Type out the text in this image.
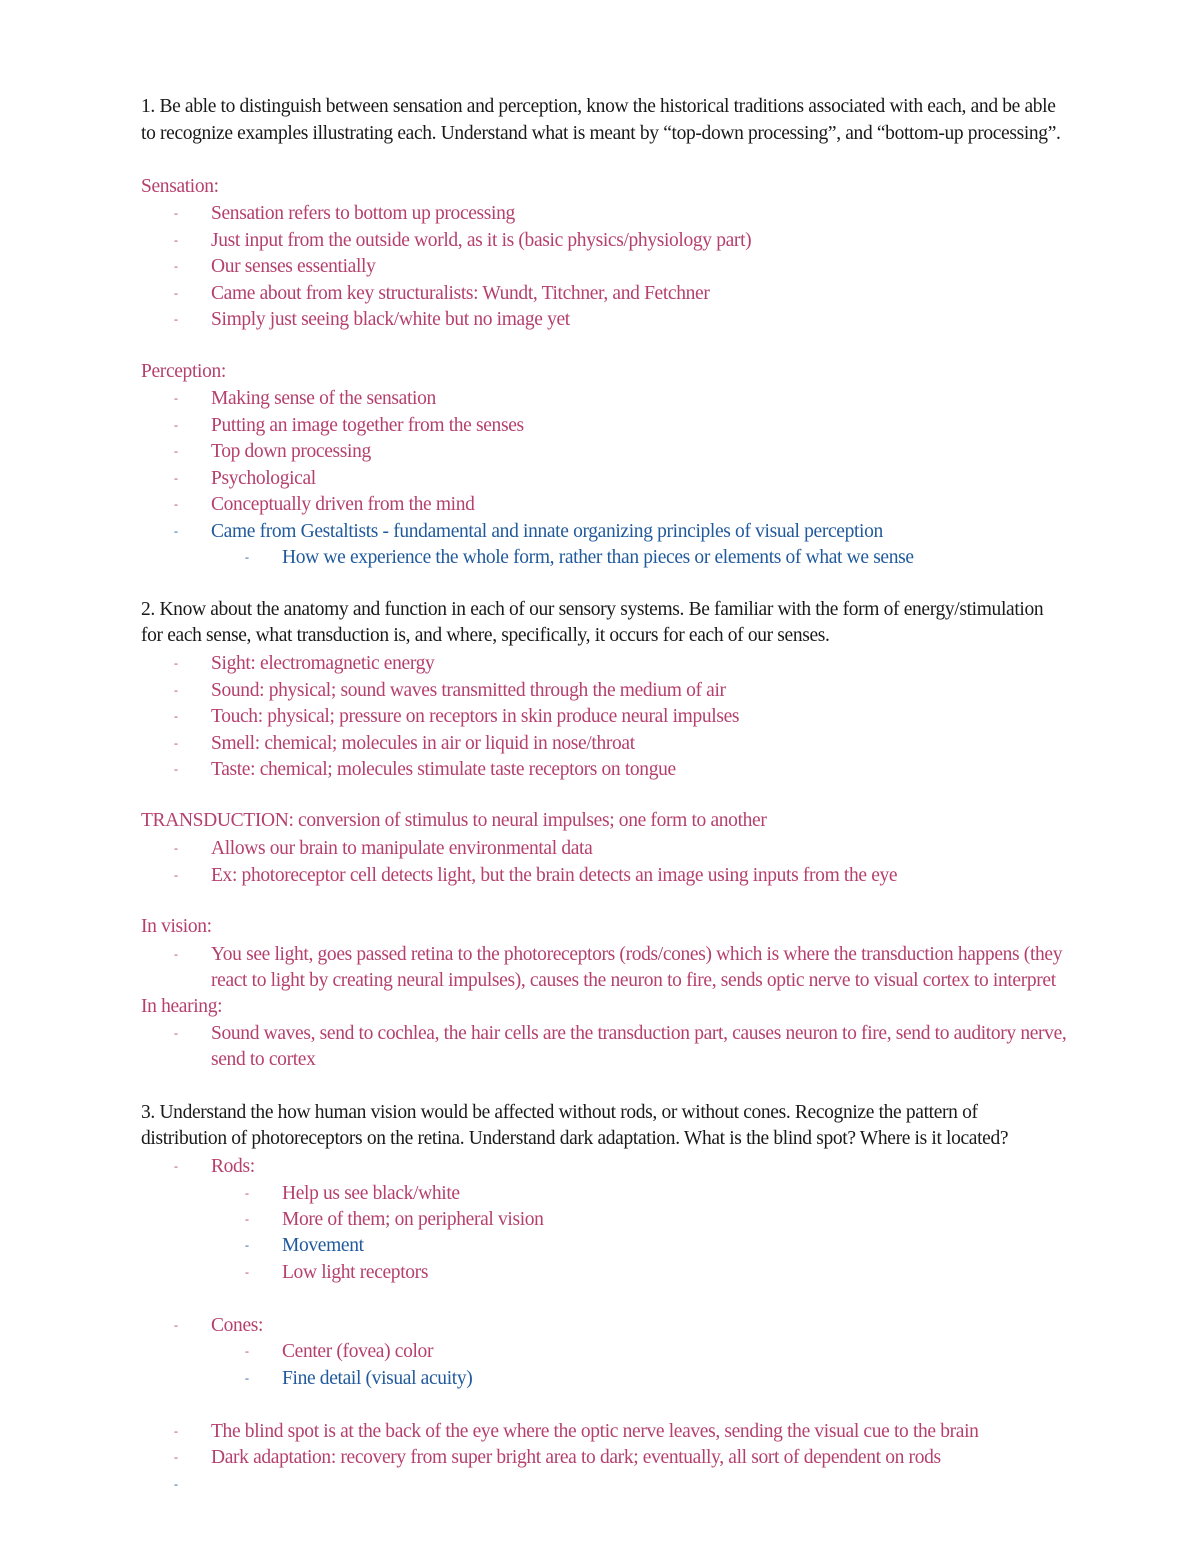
1. Be able to distinguish between sensation and perception, know the historical traditions associated with each, and be able
to recognize examples illustrating each. Understand what is meant by “top-down processing”, and “bottom-up processing”.
Sensation:
- Sensation refers to bottom up processing
- Just input from the outside world, as it is (basic physics/physiology part)
- Our senses essentially
- Came about from key structuralists: Wundt, Titchner, and Fetchner
- Simply just seeing black/white but no image yet
Perception:
- Making sense of the sensation
- Putting an image together from the senses
- Top down processing
- Psychological
- Conceptually driven from the mind
- Came from Gestaltists - fundamental and innate organizing principles of visual perception
- How we experience the whole form, rather than pieces or elements of what we sense
2. Know about the anatomy and function in each of our sensory systems. Be familiar with the form of energy/stimulation
for each sense, what transduction is, and where, specifically, it occurs for each of our senses.
- Sight: electromagnetic energy
- Sound: physical; sound waves transmitted through the medium of air
- Touch: physical; pressure on receptors in skin produce neural impulses
- Smell: chemical; molecules in air or liquid in nose/throat
- Taste: chemical; molecules stimulate taste receptors on tongue
TRANSDUCTION: conversion of stimulus to neural impulses; one form to another
- Allows our brain to manipulate environmental data
- Ex: photoreceptor cell detects light, but the brain detects an image using inputs from the eye
In vision:
- You see light, goes passed retina to the photoreceptors (rods/cones) which is where the transduction happens (they
react to light by creating neural impulses), causes the neuron to fire, sends optic nerve to visual cortex to interpret
In hearing:
- Sound waves, send to cochlea, the hair cells are the transduction part, causes neuron to fire, send to auditory nerve,
send to cortex
3. Understand the how human vision would be affected without rods, or without cones. Recognize the pattern of
distribution of photoreceptors on the retina. Understand dark adaptation. What is the blind spot? Where is it located?
- Rods:
- Help us see black/white
- More of them; on peripheral vision
- Movement
- Low light receptors
- Cones:
- Center (fovea) color
- Fine detail (visual acuity)
- The blind spot is at the back of the eye where the optic nerve leaves, sending the visual cue to the brain
- Dark adaptation: recovery from super bright area to dark; eventually, all sort of dependent on rods
-
